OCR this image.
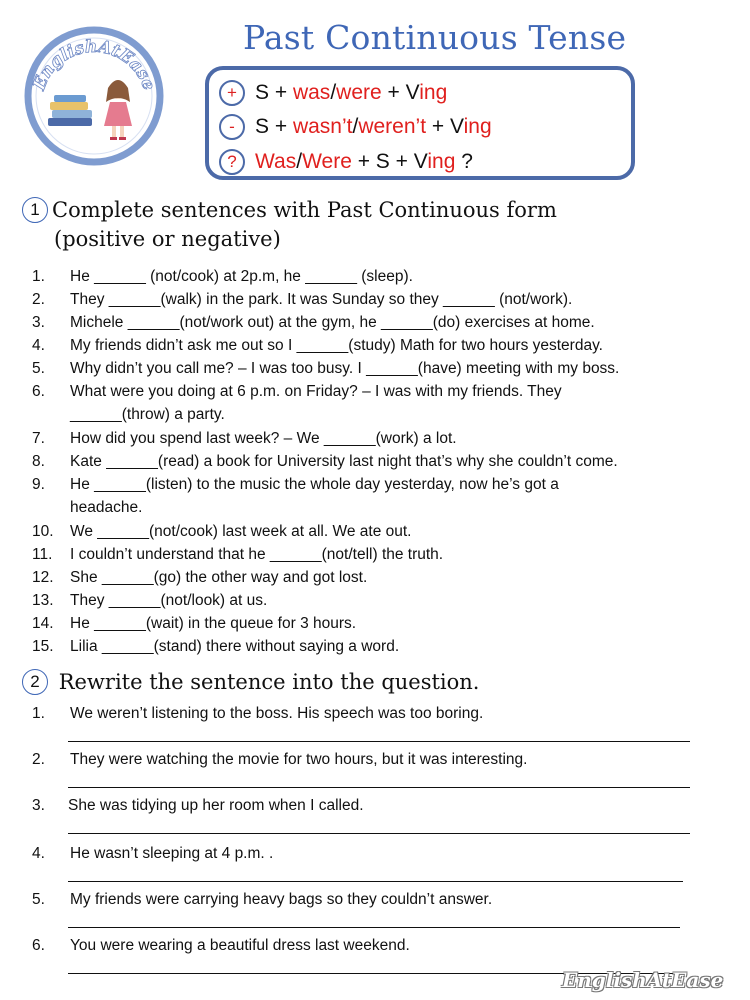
EnglishAtEase
Past Continuous Tense
+ S + was/were + Ving
- S + wasn’t/weren’t + Ving
? Was/Were + S + Ving ?
1 Complete sentences with Past Continuous form
(positive or negative)
1. He ______ (not/cook) at 2p.m, he ______ (sleep).
2. They ______(walk) in the park. It was Sunday so they ______ (not/work).
3. Michele ______(not/work out) at the gym, he ______(do) exercises at home.
4. My friends didn’t ask me out so I ______(study) Math for two hours yesterday.
5. Why didn’t you call me? – I was too busy. I ______(have) meeting with my boss.
6. What were you doing at 6 p.m. on Friday? – I was with my friends. They
______(throw) a party.
7. How did you spend last week? – We ______(work) a lot.
8. Kate ______(read) a book for University last night that’s why she couldn’t come.
9. He ______(listen) to the music the whole day yesterday, now he’s got a
headache.
10. We ______(not/cook) last week at all. We ate out.
11. I couldn’t understand that he ______(not/tell) the truth.
12. She ______(go) the other way and got lost.
13. They ______(not/look) at us.
14. He ______(wait) in the queue for 3 hours.
15. Lilia ______(stand) there without saying a word.
2 Rewrite the sentence into the question.
1. We weren’t listening to the boss. His speech was too boring.
2. They were watching the movie for two hours, but it was interesting.
3. She was tidying up her room when I called.
4. He wasn’t sleeping at 4 p.m. .
5. My friends were carrying heavy bags so they couldn’t answer.
6. You were wearing a beautiful dress last weekend.
EnglishAtEase
